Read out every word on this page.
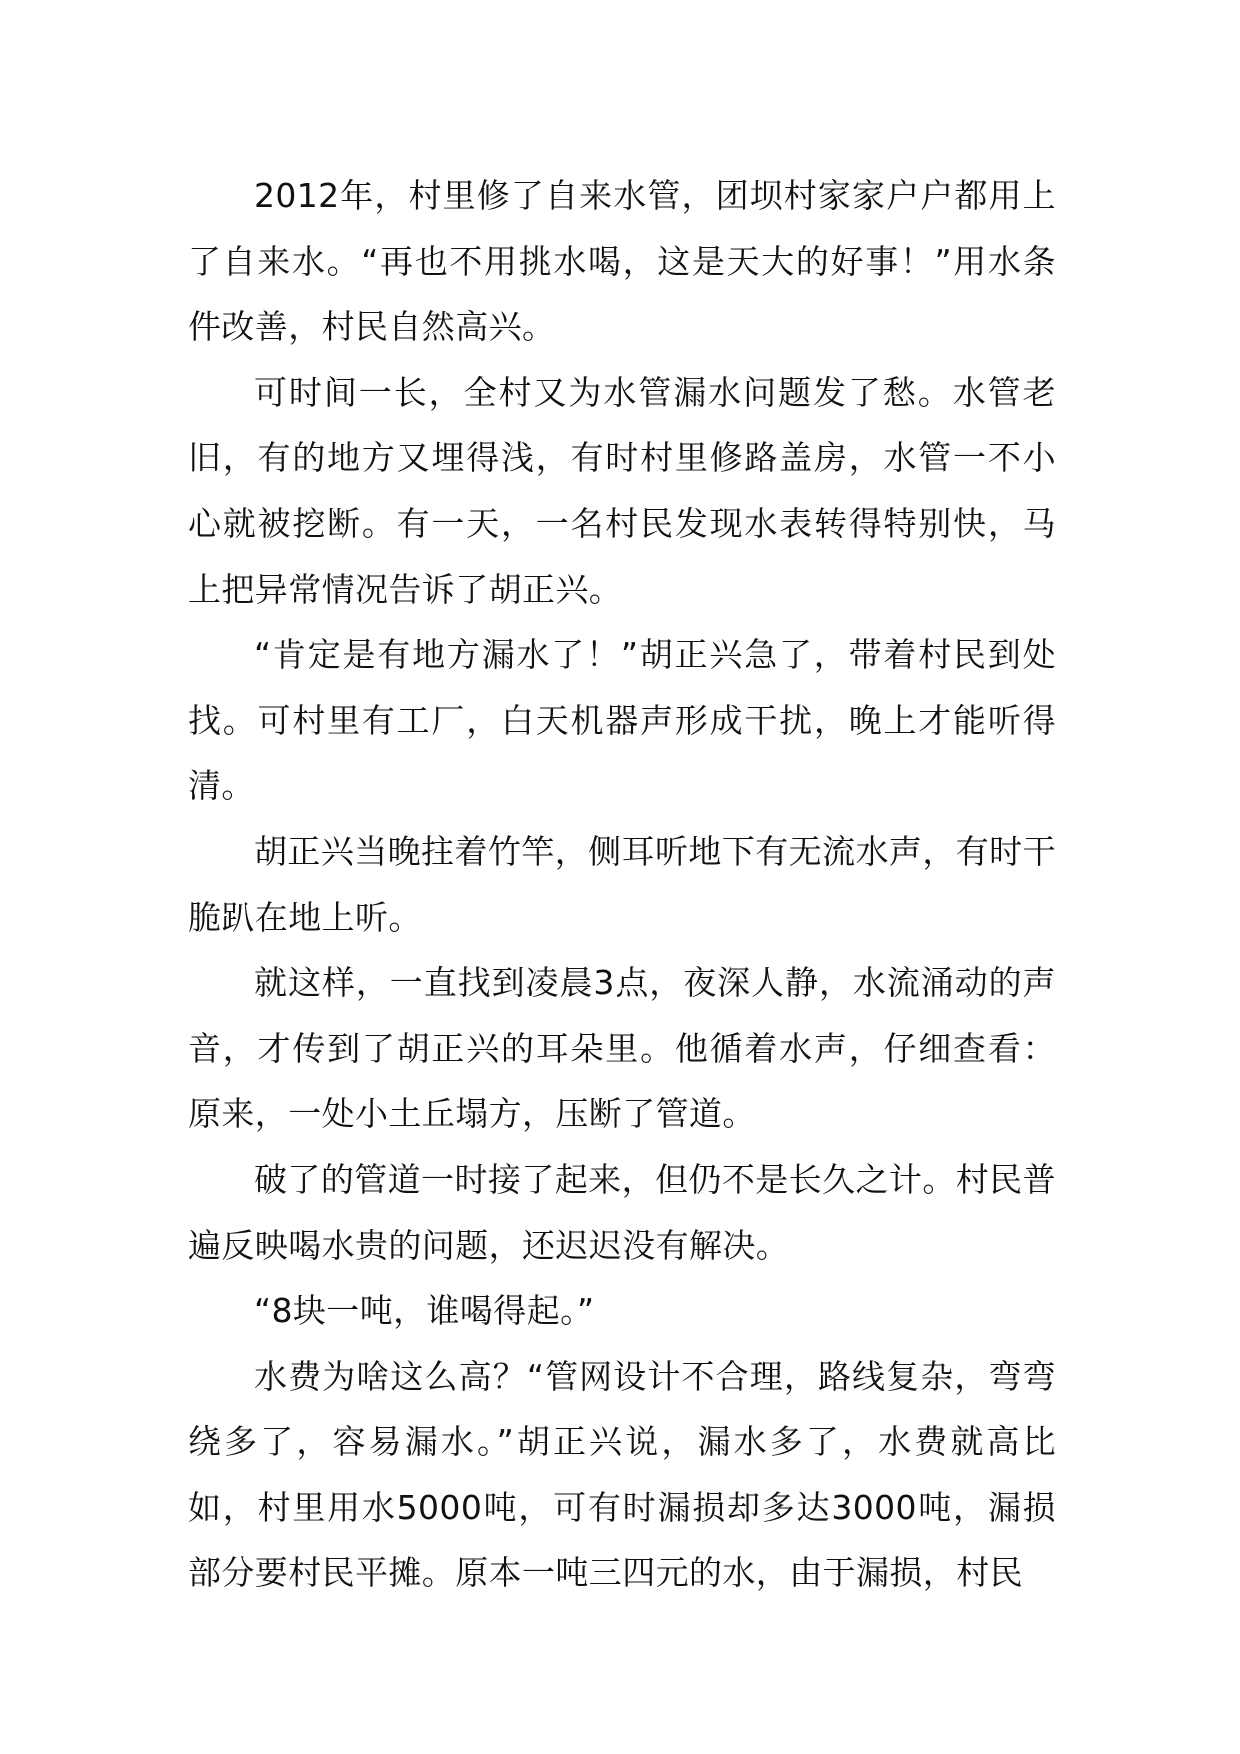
2012年，村里修了自来水管，团坝村家家户户都用上了自来水。“再也不用挑水喝，这是天大的好事！”用水条件改善，村民自然高兴。

可时间一长，全村又为水管漏水问题发了愁。水管老旧，有的地方又埋得浅，有时村里修路盖房，水管一不小心就被挖断。有一天，一名村民发现水表转得特别快，马上把异常情况告诉了胡正兴。

“肯定是有地方漏水了！”胡正兴急了，带着村民到处找。可村里有工厂，白天机器声形成干扰，晚上才能听得清。

胡正兴当晚拄着竹竿，侧耳听地下有无流水声，有时干脆趴在地上听。

就这样，一直找到凌晨3点，夜深人静，水流涌动的声音，才传到了胡正兴的耳朵里。他循着水声，仔细查看：原来，一处小土丘塌方，压断了管道。

破了的管道一时接了起来，但仍不是长久之计。村民普遍反映喝水贵的问题，还迟迟没有解决。

“8块一吨，谁喝得起。”

水费为啥这么高？“管网设计不合理，路线复杂，弯弯绕多了，容易漏水。”胡正兴说，漏水多了，水费就高比如，村里用水5000吨，可有时漏损却多达3000吨，漏损部分要村民平摊。原本一吨三四元的水，由于漏损，村民
